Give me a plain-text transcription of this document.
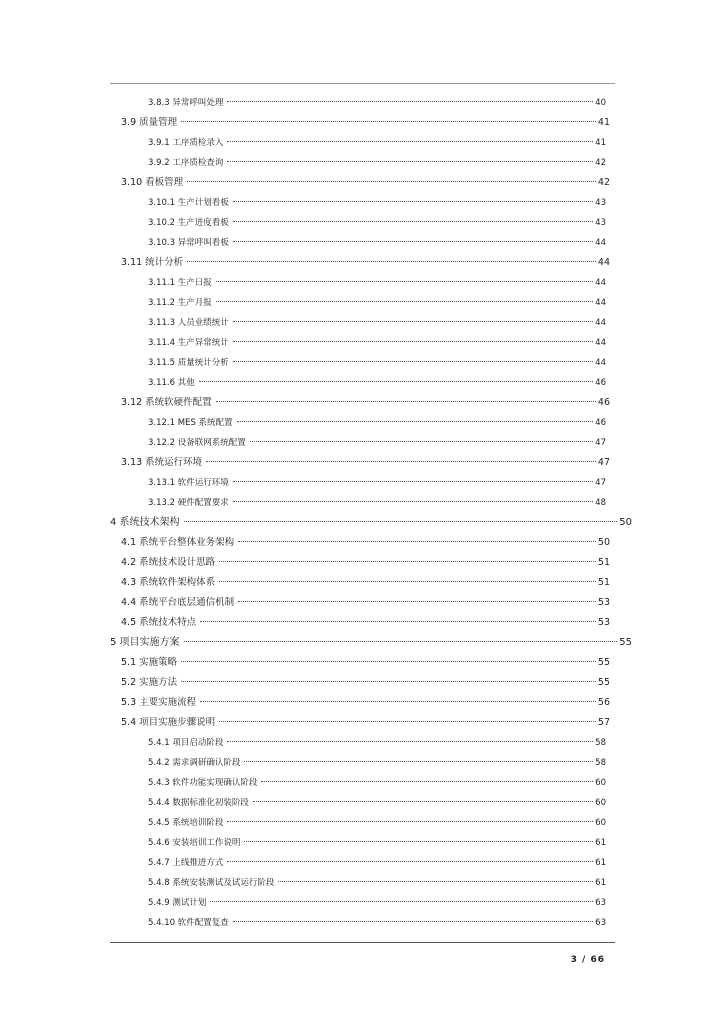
3.8.3 异常呼叫处理	40
3.9 质量管理	41
3.9.1 工序质检录入	41
3.9.2 工序质检查询	42
3.10 看板管理	42
3.10.1 生产计划看板	43
3.10.2 生产进度看板	43
3.10.3 异常呼叫看板	44
3.11 统计分析	44
3.11.1 生产日报	44
3.11.2 生产月报	44
3.11.3 人员业绩统计	44
3.11.4 生产异常统计	44
3.11.5 质量统计分析	44
3.11.6 其他	46
3.12 系统软硬件配置	46
3.12.1 MES 系统配置	46
3.12.2 设备联网系统配置	47
3.13 系统运行环境	47
3.13.1 软件运行环境	47
3.13.2 硬件配置要求	48
4 系统技术架构	50
4.1 系统平台整体业务架构	50
4.2 系统技术设计思路	51
4.3 系统软件架构体系	51
4.4 系统平台底层通信机制	53
4.5 系统技术特点	53
5 项目实施方案	55
5.1 实施策略	55
5.2 实施方法	55
5.3 主要实施流程	56
5.4 项目实施步骤说明	57
5.4.1 项目启动阶段	58
5.4.2 需求调研确认阶段	58
5.4.3 软件功能实现确认阶段	60
5.4.4 数据标准化初装阶段	60
5.4.5 系统培训阶段	60
5.4.6 安装培训工作说明	61
5.4.7 上线推进方式	61
5.4.8 系统安装测试及试运行阶段	61
5.4.9 测试计划	63
5.4.10 软件配置复查	63
3 / 66
